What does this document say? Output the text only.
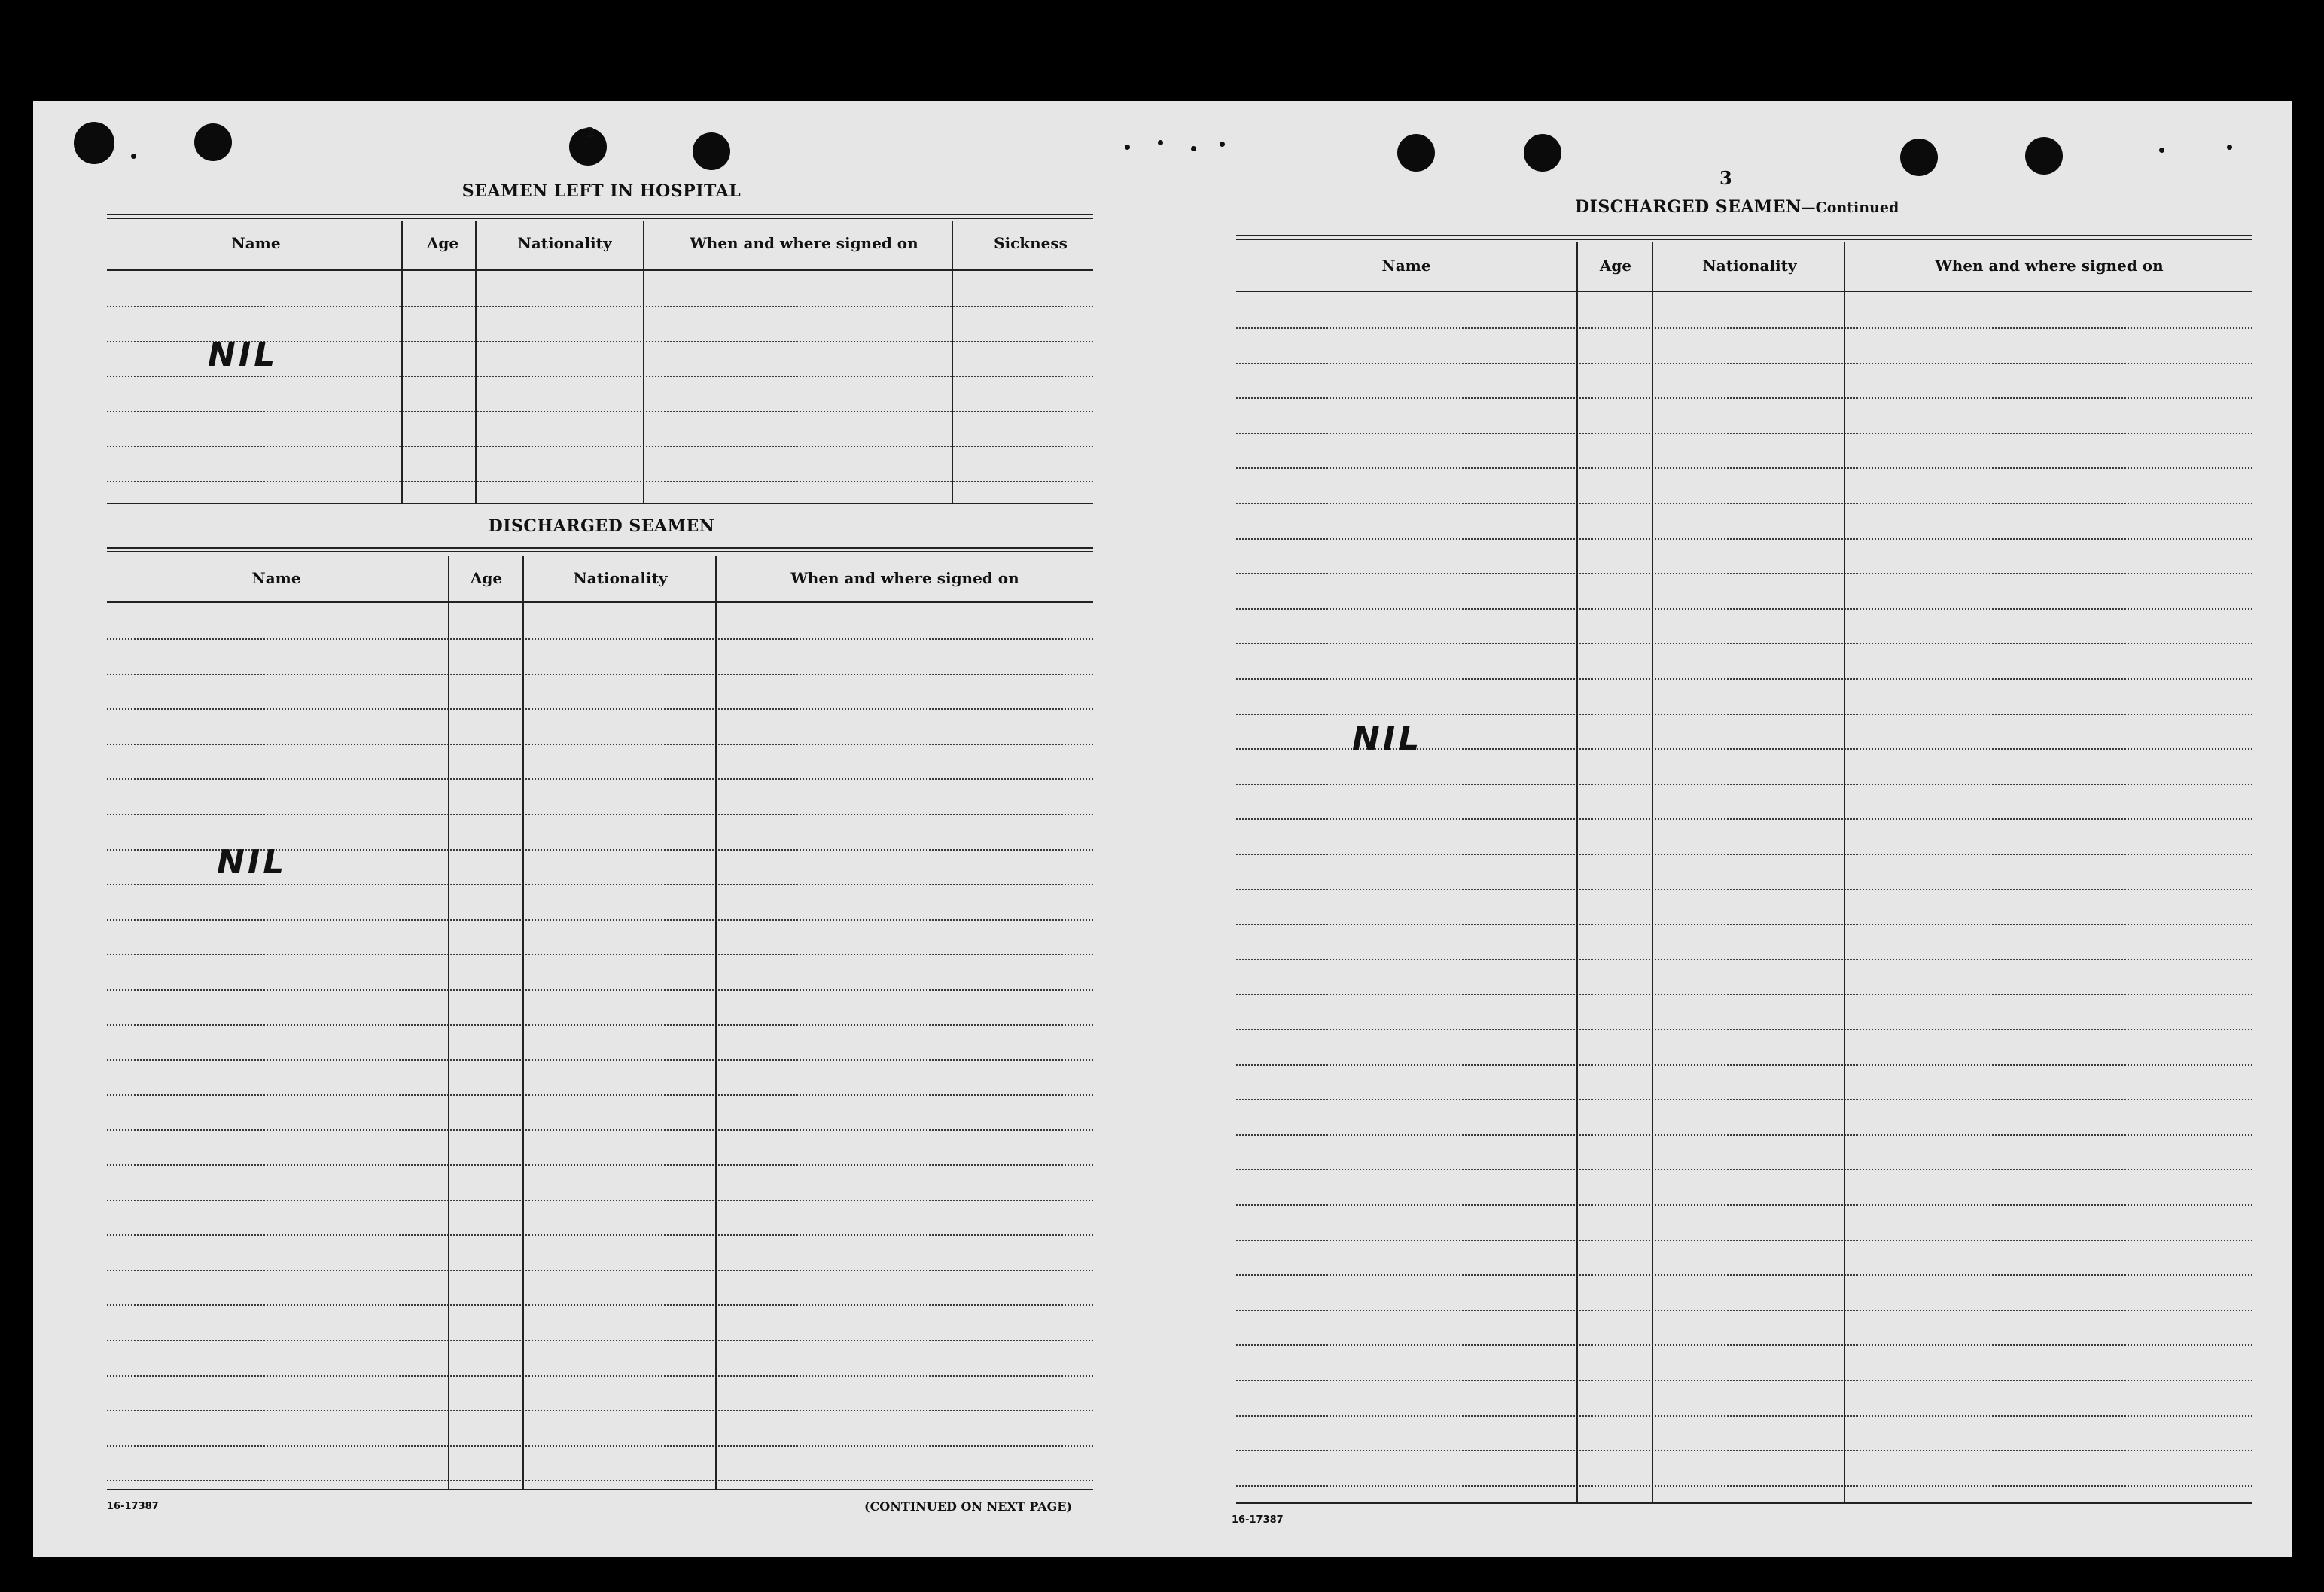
2
SEAMEN LEFT IN HOSPITAL
Name	Age	Nationality	When and where signed on	Sickness
NIL
DISCHARGED SEAMEN
Name	Age	Nationality	When and where signed on
NIL
16-17387	(CONTINUED ON NEXT PAGE)
3
DISCHARGED SEAMEN—Continued
Name	Age	Nationality	When and where signed on
NIL
16-17387
